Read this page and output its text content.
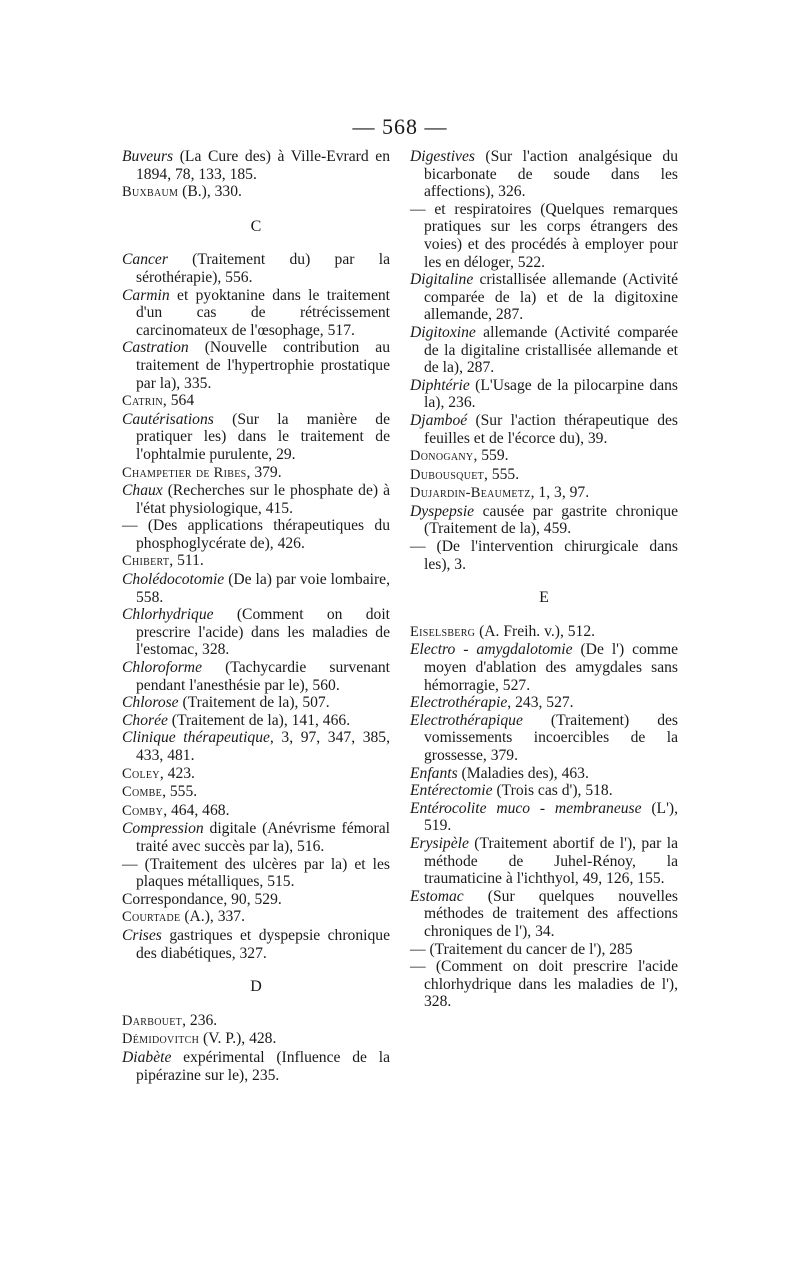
— 568 —

Buveurs (La Cure des) à Ville-Evrard en 1894, 78, 133, 185.

Buxbaum (B.), 330.

C

Cancer (Traitement du) par la sérothérapie), 556.

Carmin et pyoktanine dans le traitement d'un cas de rétrécissement carcinomateux de l'œsophage, 517.

Castration (Nouvelle contribution au traitement de l'hypertrophie prostatique par la), 335.

Catrin, 564

Cautérisations (Sur la manière de pratiquer les) dans le traitement de l'ophtalmie purulente, 29.

Champetier de Ribes, 379.

Chaux (Recherches sur le phosphate de) à l'état physiologique, 415.

— (Des applications thérapeutiques du phosphoglycérate de), 426.

Chibert, 511.

Cholédocotomie (De la) par voie lombaire, 558.

Chlorhydrique (Comment on doit prescrire l'acide) dans les maladies de l'estomac, 328.

Chloroforme (Tachycardie survenant pendant l'anesthésie par le), 560.

Chlorose (Traitement de la), 507.

Chorée (Traitement de la), 141, 466.

Clinique thérapeutique, 3, 97, 347, 385, 433, 481.

Coley, 423.

Combe, 555.

Comby, 464, 468.

Compression digitale (Anévrisme fémoral traité avec succès par la), 516.

— (Traitement des ulcères par la) et les plaques métalliques, 515.

Correspondance, 90, 529.

Courtade (A.), 337.

Crises gastriques et dyspepsie chronique des diabétiques, 327.

D

Darbouet, 236.

Démidovitch (V. P.), 428.

Diabète expérimental (Influence de la pipérazine sur le), 235.

Digestives (Sur l'action analgésique du bicarbonate de soude dans les affections), 326.

— et respiratoires (Quelques remarques pratiques sur les corps étrangers des voies) et des procédés à employer pour les en déloger, 522.

Digitaline cristallisée allemande (Activité comparée de la) et de la digitoxine allemande, 287.

Digitoxine allemande (Activité comparée de la digitaline cristallisée allemande et de la), 287.

Diphtérie (L'Usage de la pilocarpine dans la), 236.

Djamboé (Sur l'action thérapeutique des feuilles et de l'écorce du), 39.

Donogany, 559.

Dubousquet, 555.

Dujardin-Beaumetz, 1, 3, 97.

Dyspepsie causée par gastrite chronique (Traitement de la), 459.

— (De l'intervention chirurgicale dans les), 3.

E

Eiselsberg (A. Freih. v.), 512.

Electro - amygdalotomie (De l') comme moyen d'ablation des amygdales sans hémorragie, 527.

Electrothérapie, 243, 527.

Electrothérapique (Traitement) des vomissements incoercibles de la grossesse, 379.

Enfants (Maladies des), 463.

Entérectomie (Trois cas d'), 518.

Entérocolite muco - membraneuse (L'), 519.

Erysipèle (Traitement abortif de l'), par la méthode de Juhel-Rénoy, la traumaticine à l'ichthyol, 49, 126, 155.

Estomac (Sur quelques nouvelles méthodes de traitement des affections chroniques de l'), 34.

— (Traitement du cancer de l'), 285

— (Comment on doit prescrire l'acide chlorhydrique dans les maladies de l'), 328.
